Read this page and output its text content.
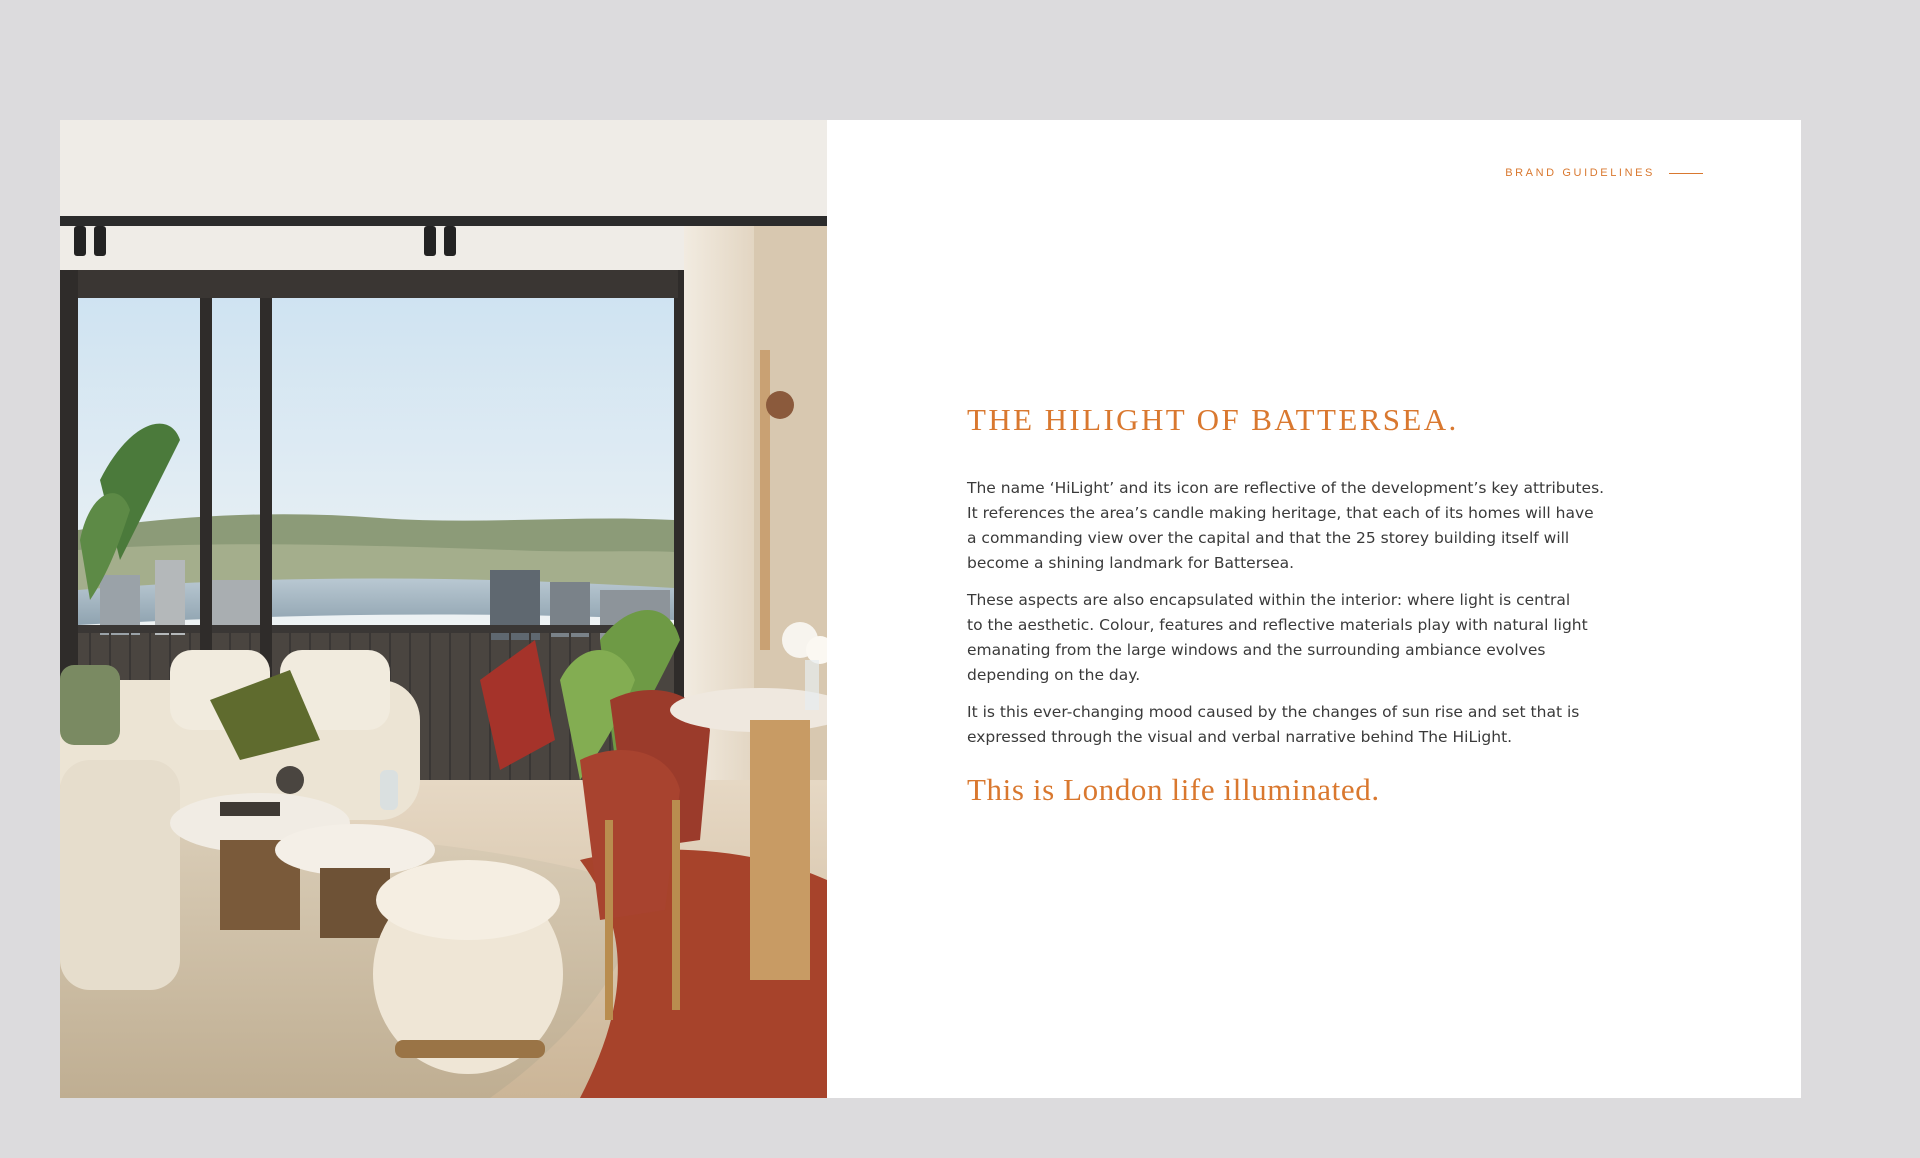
BRAND GUIDELINES
THE HILIGHT OF BATTERSEA.

The name ‘HiLight’ and its icon are reflective of the development’s key attributes.
It references the area’s candle making heritage, that each of its homes will have
a commanding view over the capital and that the 25 storey building itself will
become a shining landmark for Battersea.

These aspects are also encapsulated within the interior: where light is central
to the aesthetic. Colour, features and reflective materials play with natural light
emanating from the large windows and the surrounding ambiance evolves
depending on the day.

It is this ever-changing mood caused by the changes of sun rise and set that is
expressed through the visual and verbal narrative behind The HiLight.

This is London life illuminated.
